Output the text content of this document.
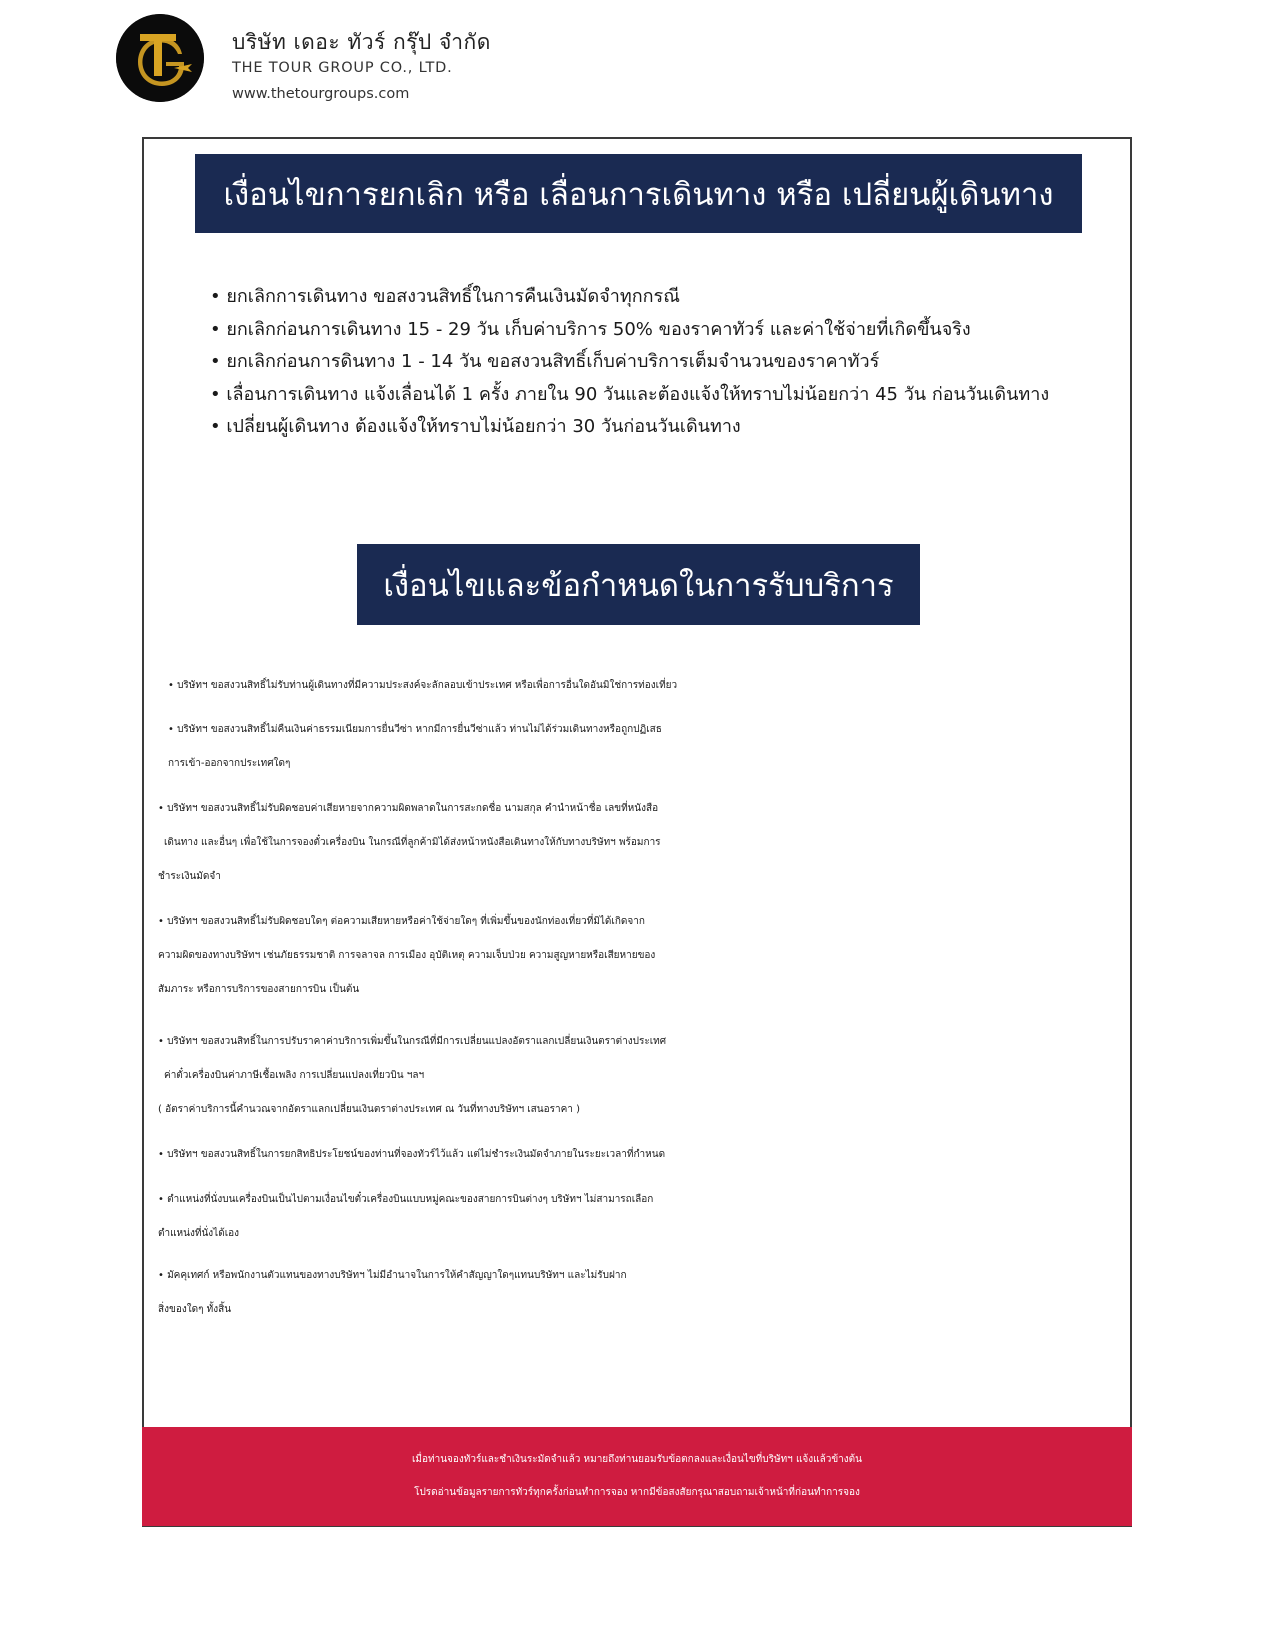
บริษัท เดอะ ทัวร์ กรุ๊ป จำกัด
THE TOUR GROUP CO., LTD.
www.thetourgroups.com
เงื่อนไขการยกเลิก หรือ เลื่อนการเดินทาง หรือ เปลี่ยนผู้เดินทาง
• ยกเลิกการเดินทาง ขอสงวนสิทธิ์ในการคืนเงินมัดจำทุกกรณี
• ยกเลิกก่อนการเดินทาง 15 - 29 วัน เก็บค่าบริการ 50% ของราคาทัวร์ และค่าใช้จ่ายที่เกิดขึ้นจริง
• ยกเลิกก่อนการดินทาง 1 - 14 วัน ขอสงวนสิทธิ์เก็บค่าบริการเต็มจำนวนของราคาทัวร์
• เลื่อนการเดินทาง แจ้งเลื่อนได้ 1 ครั้ง ภายใน 90 วันและต้องแจ้งให้ทราบไม่น้อยกว่า 45 วัน ก่อนวันเดินทาง
• เปลี่ยนผู้เดินทาง ต้องแจ้งให้ทราบไม่น้อยกว่า 30 วันก่อนวันเดินทาง
เงื่อนไขและข้อกำหนดในการรับบริการ
• บริษัทฯ ขอสงวนสิทธิ์ไม่รับท่านผู้เดินทางที่มีความประสงค์จะลักลอบเข้าประเทศ หรือเพื่อการอื่นใดอันมิใช่การท่องเที่ยว
• บริษัทฯ ขอสงวนสิทธิ์ไม่คืนเงินค่าธรรมเนียมการยื่นวีซ่า หากมีการยื่นวีซ่าแล้ว ท่านไม่ได้ร่วมเดินทางหรือถูกปฏิเสธ
การเข้า-ออกจากประเทศใดๆ
• บริษัทฯ ขอสงวนสิทธิ์ไม่รับผิดชอบค่าเสียหายจากความผิดพลาดในการสะกดชื่อ นามสกุล คำนำหน้าชื่อ เลขที่หนังสือ
เดินทาง และอื่นๆ เพื่อใช้ในการจองตั๋วเครื่องบิน ในกรณีที่ลูกค้ามิได้ส่งหน้าหนังสือเดินทางให้กับทางบริษัทฯ พร้อมการ
ชำระเงินมัดจำ
• บริษัทฯ ขอสงวนสิทธิ์ไม่รับผิดชอบใดๆ ต่อความเสียหายหรือค่าใช้จ่ายใดๆ ที่เพิ่มขึ้นของนักท่องเที่ยวที่มิได้เกิดจาก
ความผิดของทางบริษัทฯ เช่นภัยธรรมชาติ การจลาจล การเมือง อุบัติเหตุ ความเจ็บป่วย ความสูญหายหรือเสียหายของ
สัมภาระ หรือการบริการของสายการบิน เป็นต้น
• บริษัทฯ ขอสงวนสิทธิ์ในการปรับราคาค่าบริการเพิ่มขึ้นในกรณีที่มีการเปลี่ยนแปลงอัตราแลกเปลี่ยนเงินตราต่างประเทศ
ค่าตั๋วเครื่องบินค่าภาษีเชื้อเพลิง การเปลี่ยนแปลงเที่ยวบิน ฯลฯ
( อัตราค่าบริการนี้คำนวณจากอัตราแลกเปลี่ยนเงินตราต่างประเทศ ณ วันที่ทางบริษัทฯ เสนอราคา )
• บริษัทฯ ขอสงวนสิทธิ์ในการยกสิทธิประโยชน์ของท่านที่จองทัวร์ไว้แล้ว แต่ไม่ชำระเงินมัดจำภายในระยะเวลาที่กำหนด
• ตำแหน่งที่นั่งบนเครื่องบินเป็นไปตามเงื่อนไขตั๋วเครื่องบินแบบหมู่คณะของสายการบินต่างๆ บริษัทฯ ไม่สามารถเลือก
ตำแหน่งที่นั่งได้เอง
• มัคคุเทศก์ หรือพนักงานตัวแทนของทางบริษัทฯ ไม่มีอำนาจในการให้คำสัญญาใดๆแทนบริษัทฯ และไม่รับฝาก
สิ่งของใดๆ ทั้งสิ้น
เมื่อท่านจองทัวร์และชำเงินระมัดจำแล้ว หมายถึงท่านยอมรับข้อตกลงและเงื่อนไขที่บริษัทฯ แจ้งแล้วข้างต้น
โปรดอ่านข้อมูลรายการทัวร์ทุกครั้งก่อนทำการจอง หากมีข้อสงสัยกรุณาสอบถามเจ้าหน้าที่ก่อนทำการจอง
